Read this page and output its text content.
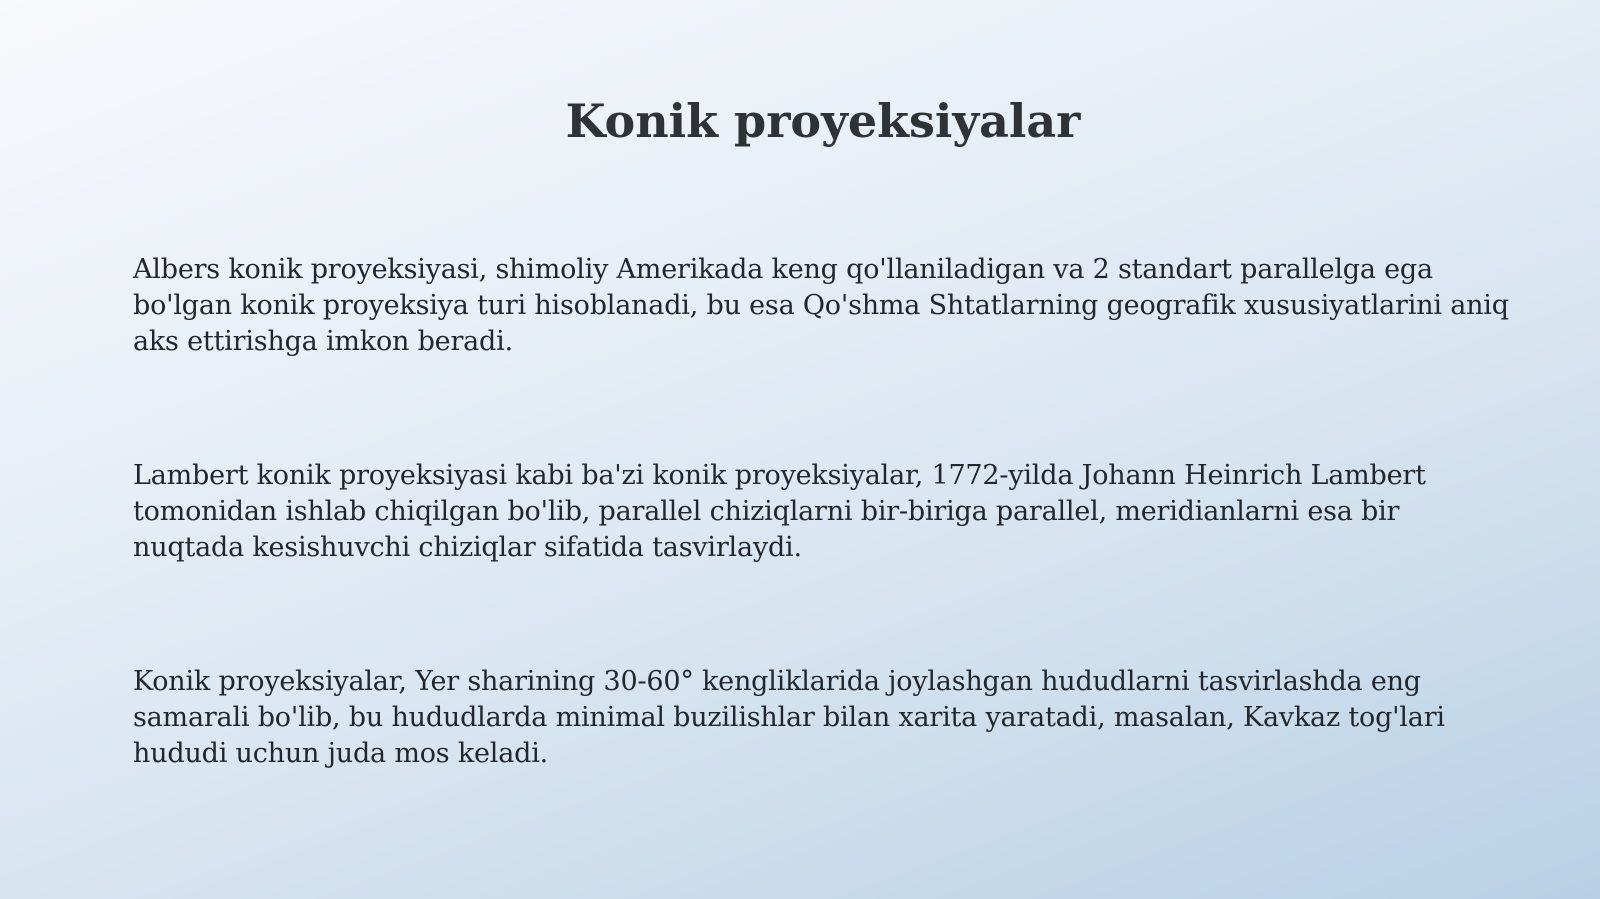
Konik proyeksiyalar

Albers konik proyeksiyasi, shimoliy Amerikada keng qo'llaniladigan va 2 standart parallelga ega bo'lgan konik proyeksiya turi hisoblanadi, bu esa Qo'shma Shtatlarning geografik xususiyatlarini aniq aks ettirishga imkon beradi.

Lambert konik proyeksiyasi kabi ba'zi konik proyeksiyalar, 1772-yilda Johann Heinrich Lambert tomonidan ishlab chiqilgan bo'lib, parallel chiziqlarni bir-biriga parallel, meridianlarni esa bir nuqtada kesishuvchi chiziqlar sifatida tasvirlaydi.

Konik proyeksiyalar, Yer sharining 30-60° kengliklarida joylashgan hududlarni tasvirlashda eng samarali bo'lib, bu hududlarda minimal buzilishlar bilan xarita yaratadi, masalan, Kavkaz tog'lari hududi uchun juda mos keladi.
